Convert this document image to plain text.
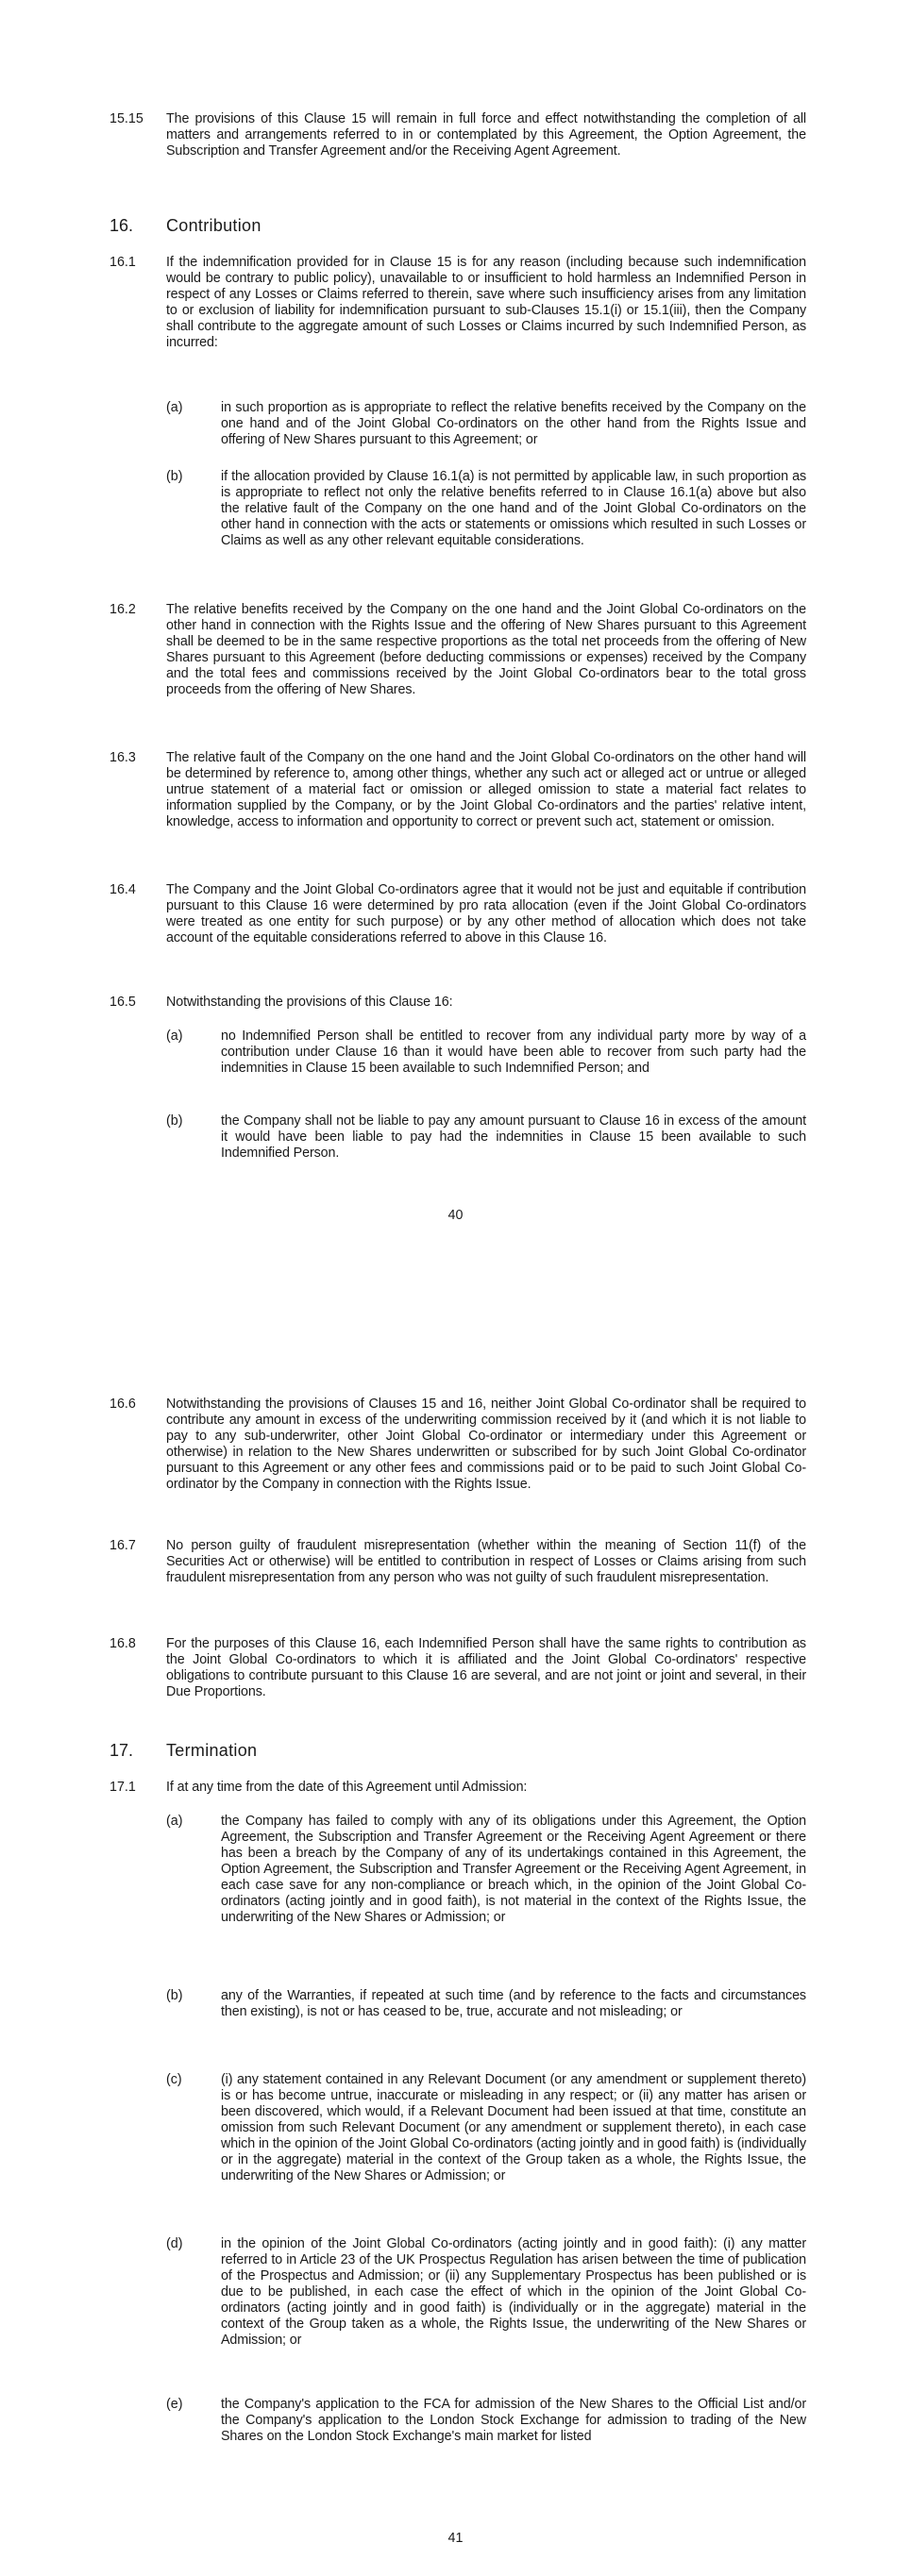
15.15 The provisions of this Clause 15 will remain in full force and effect notwithstanding the completion of all matters and arrangements referred to in or contemplated by this Agreement, the Option Agreement, the Subscription and Transfer Agreement and/or the Receiving Agent Agreement.

16. Contribution

16.1 If the indemnification provided for in Clause 15 is for any reason (including because such indemnification would be contrary to public policy), unavailable to or insufficient to hold harmless an Indemnified Person in respect of any Losses or Claims referred to therein, save where such insufficiency arises from any limitation to or exclusion of liability for indemnification pursuant to sub-Clauses 15.1(i) or 15.1(iii), then the Company shall contribute to the aggregate amount of such Losses or Claims incurred by such Indemnified Person, as incurred:

(a)	in such proportion as is appropriate to reflect the relative benefits received by the Company on the one hand and of the Joint Global Co-ordinators on the other hand from the Rights Issue and offering of New Shares pursuant to this Agreement; or

(b)	if the allocation provided by Clause 16.1(a) is not permitted by applicable law, in such proportion as is appropriate to reflect not only the relative benefits referred to in Clause 16.1(a) above but also the relative fault of the Company on the one hand and of the Joint Global Co-ordinators on the other hand in connection with the acts or statements or omissions which resulted in such Losses or Claims as well as any other relevant equitable considerations.

16.2 The relative benefits received by the Company on the one hand and the Joint Global Co-ordinators on the other hand in connection with the Rights Issue and the offering of New Shares pursuant to this Agreement shall be deemed to be in the same respective proportions as the total net proceeds from the offering of New Shares pursuant to this Agreement (before deducting commissions or expenses) received by the Company and the total fees and commissions received by the Joint Global Co-ordinators bear to the total gross proceeds from the offering of New Shares.

16.3 The relative fault of the Company on the one hand and the Joint Global Co-ordinators on the other hand will be determined by reference to, among other things, whether any such act or alleged act or untrue or alleged untrue statement of a material fact or omission or alleged omission to state a material fact relates to information supplied by the Company, or by the Joint Global Co-ordinators and the parties' relative intent, knowledge, access to information and opportunity to correct or prevent such act, statement or omission.

16.4 The Company and the Joint Global Co-ordinators agree that it would not be just and equitable if contribution pursuant to this Clause 16 were determined by pro rata allocation (even if the Joint Global Co-ordinators were treated as one entity for such purpose) or by any other method of allocation which does not take account of the equitable considerations referred to above in this Clause 16.

16.5 Notwithstanding the provisions of this Clause 16:

(a)	no Indemnified Person shall be entitled to recover from any individual party more by way of a contribution under Clause 16 than it would have been able to recover from such party had the indemnities in Clause 15 been available to such Indemnified Person; and

(b)	the Company shall not be liable to pay any amount pursuant to Clause 16 in excess of the amount it would have been liable to pay had the indemnities in Clause 15 been available to such Indemnified Person.

40

16.6 Notwithstanding the provisions of Clauses 15 and 16, neither Joint Global Co-ordinator shall be required to contribute any amount in excess of the underwriting commission received by it (and which it is not liable to pay to any sub-underwriter, other Joint Global Co-ordinator or intermediary under this Agreement or otherwise) in relation to the New Shares underwritten or subscribed for by such Joint Global Co-ordinator pursuant to this Agreement or any other fees and commissions paid or to be paid to such Joint Global Co-ordinator by the Company in connection with the Rights Issue.

16.7 No person guilty of fraudulent misrepresentation (whether within the meaning of Section 11(f) of the Securities Act or otherwise) will be entitled to contribution in respect of Losses or Claims arising from such fraudulent misrepresentation from any person who was not guilty of such fraudulent misrepresentation.

16.8 For the purposes of this Clause 16, each Indemnified Person shall have the same rights to contribution as the Joint Global Co-ordinators to which it is affiliated and the Joint Global Co-ordinators' respective obligations to contribute pursuant to this Clause 16 are several, and are not joint or joint and several, in their Due Proportions.

17. Termination

17.1 If at any time from the date of this Agreement until Admission:

(a)	the Company has failed to comply with any of its obligations under this Agreement, the Option Agreement, the Subscription and Transfer Agreement or the Receiving Agent Agreement or there has been a breach by the Company of any of its undertakings contained in this Agreement, the Option Agreement, the Subscription and Transfer Agreement or the Receiving Agent Agreement, in each case save for any non-compliance or breach which, in the opinion of the Joint Global Co-ordinators (acting jointly and in good faith), is not material in the context of the Rights Issue, the underwriting of the New Shares or Admission; or

(b)	any of the Warranties, if repeated at such time (and by reference to the facts and circumstances then existing), is not or has ceased to be, true, accurate and not misleading; or

(c)	(i) any statement contained in any Relevant Document (or any amendment or supplement thereto) is or has become untrue, inaccurate or misleading in any respect; or (ii) any matter has arisen or been discovered, which would, if a Relevant Document had been issued at that time, constitute an omission from such Relevant Document (or any amendment or supplement thereto), in each case which in the opinion of the Joint Global Co-ordinators (acting jointly and in good faith) is (individually or in the aggregate) material in the context of the Group taken as a whole, the Rights Issue, the underwriting of the New Shares or Admission; or

(d)	in the opinion of the Joint Global Co-ordinators (acting jointly and in good faith): (i) any matter referred to in Article 23 of the UK Prospectus Regulation has arisen between the time of publication of the Prospectus and Admission; or (ii) any Supplementary Prospectus has been published or is due to be published, in each case the effect of which in the opinion of the Joint Global Co-ordinators (acting jointly and in good faith) is (individually or in the aggregate) material in the context of the Group taken as a whole, the Rights Issue, the underwriting of the New Shares or Admission; or

(e)	the Company's application to the FCA for admission of the New Shares to the Official List and/or the Company's application to the London Stock Exchange for admission to trading of the New Shares on the London Stock Exchange's main market for listed

41
